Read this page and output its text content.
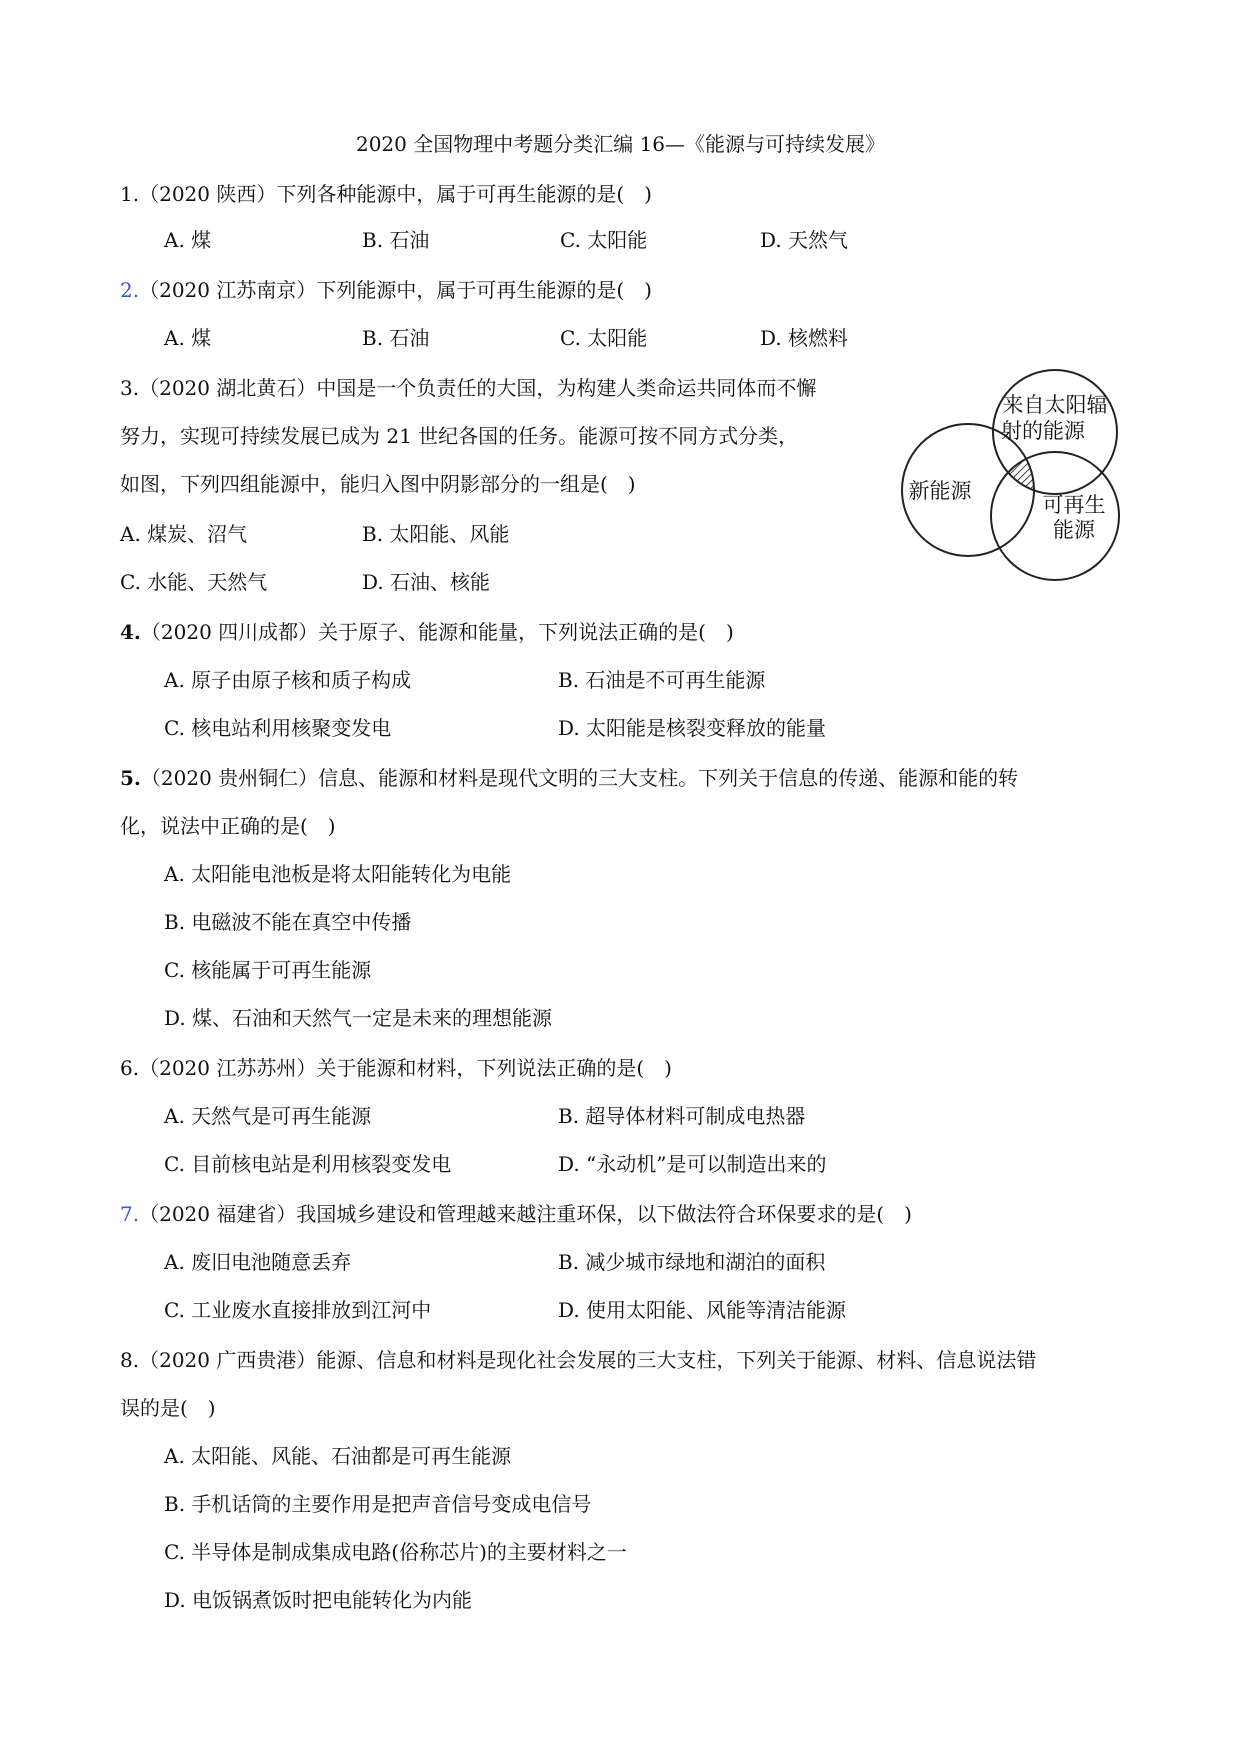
2020 全国物理中考题分类汇编 16—《能源与可持续发展》
1.（2020 陕西）下列各种能源中，属于可再生能源的是(　)
A. 煤	B. 石油	C. 太阳能	D. 天然气
2.（2020 江苏南京）下列能源中，属于可再生能源的是(　)
A. 煤	B. 石油	C. 太阳能	D. 核燃料
3.（2020 湖北黄石）中国是一个负责任的大国，为构建人类命运共同体而不懈
努力，实现可持续发展已成为 21 世纪各国的任务。能源可按不同方式分类，
如图，下列四组能源中，能归入图中阴影部分的一组是(　)
A. 煤炭、沼气	B. 太阳能、风能
C. 水能、天然气	D. 石油、核能
来自太阳辐
射的能源
新能源
可再生
能源
4.（2020 四川成都）关于原子、能源和能量，下列说法正确的是(　)
A. 原子由原子核和质子构成	B. 石油是不可再生能源
C. 核电站利用核聚变发电	D. 太阳能是核裂变释放的能量
5.（2020 贵州铜仁）信息、能源和材料是现代文明的三大支柱。下列关于信息的传递、能源和能的转
化，说法中正确的是(　)
A. 太阳能电池板是将太阳能转化为电能
B. 电磁波不能在真空中传播
C. 核能属于可再生能源
D. 煤、石油和天然气一定是未来的理想能源
6.（2020 江苏苏州）关于能源和材料，下列说法正确的是(　)
A. 天然气是可再生能源	B. 超导体材料可制成电热器
C. 目前核电站是利用核裂变发电	D. “永动机”是可以制造出来的
7.（2020 福建省）我国城乡建设和管理越来越注重环保，以下做法符合环保要求的是(　)
A. 废旧电池随意丢弃	B. 减少城市绿地和湖泊的面积
C. 工业废水直接排放到江河中	D. 使用太阳能、风能等清洁能源
8.（2020 广西贵港）能源、信息和材料是现化社会发展的三大支柱，下列关于能源、材料、信息说法错
误的是(　)
A. 太阳能、风能、石油都是可再生能源
B. 手机话筒的主要作用是把声音信号变成电信号
C. 半导体是制成集成电路(俗称芯片)的主要材料之一
D. 电饭锅煮饭时把电能转化为内能
